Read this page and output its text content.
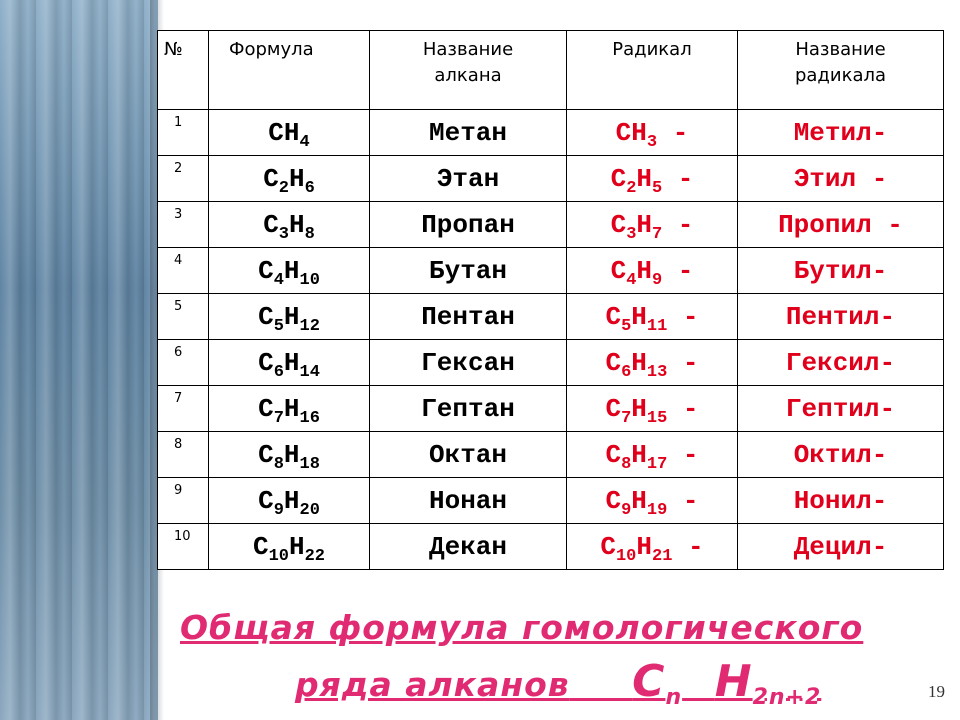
№	Формула	Название алкана	Радикал	Название радикала
1	$CH_4$	Метан	$CH_3$ -	Метил-
2	$C_2H_6$	Этан	$C_2H_5$ -	Этил -
3	$C_3H_8$	Пропан	$C_3H_7$ -	Пропил -
4	$C_4H_{10}$	Бутан	$C_4H_9$ -	Бутил-
5	$C_5H_{12}$	Пентан	$C_5H_{11}$ -	Пентил-
6	$C_6H_{14}$	Гексан	$C_6H_{13}$ -	Гексил-
7	$C_7H_{16}$	Гептан	$C_7H_{15}$ -	Гептил-
8	$C_8H_{18}$	Октан	$C_8H_{17}$ -	Октил-
9	$C_9H_{20}$	Нонан	$C_9H_{19}$ -	Нонил-
10	$C_{10}H_{22}$	Декан	$C_{10}H_{21}$ -	Децил-
Общая формула гомологического
ряда алканов $C_n$ $H_{2n+2}$	19
